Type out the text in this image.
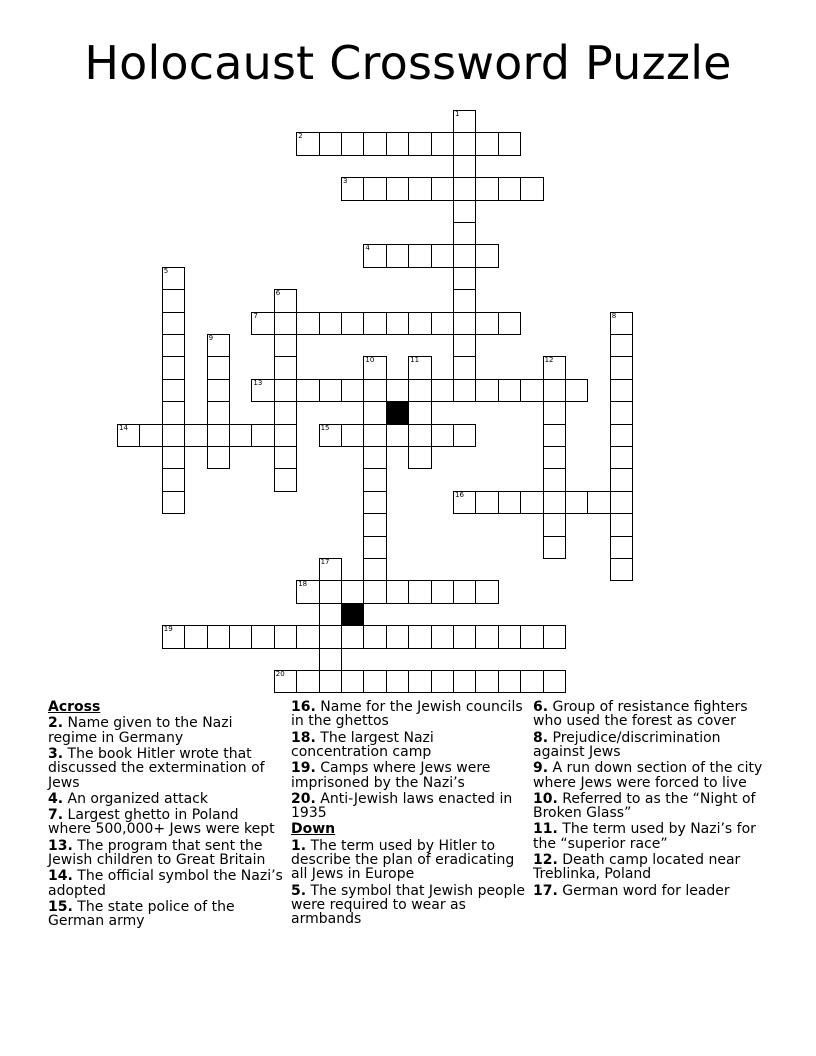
Holocaust Crossword Puzzle
1
2
3
4
5
6
7	8
9
10	11	12
13
14	15
16
17
18
19
20
Across
2. Name given to the Nazi regime in Germany
3. The book Hitler wrote that discussed the extermination of Jews
4. An organized attack
7. Largest ghetto in Poland where 500,000+ Jews were kept
13. The program that sent the Jewish children to Great Britain
14. The official symbol the Nazi’s adopted
15. The state police of the German army
16. Name for the Jewish councils in the ghettos
18. The largest Nazi concentration camp
19. Camps where Jews were imprisoned by the Nazi’s
20. Anti-Jewish laws enacted in 1935
Down
1. The term used by Hitler to describe the plan of eradicating all Jews in Europe
5. The symbol that Jewish people were required to wear as armbands
6. Group of resistance fighters who used the forest as cover
8. Prejudice/discrimination against Jews
9. A run down section of the city where Jews were forced to live
10. Referred to as the “Night of Broken Glass”
11. The term used by Nazi’s for the “superior race”
12. Death camp located near Treblinka, Poland
17. German word for leader
